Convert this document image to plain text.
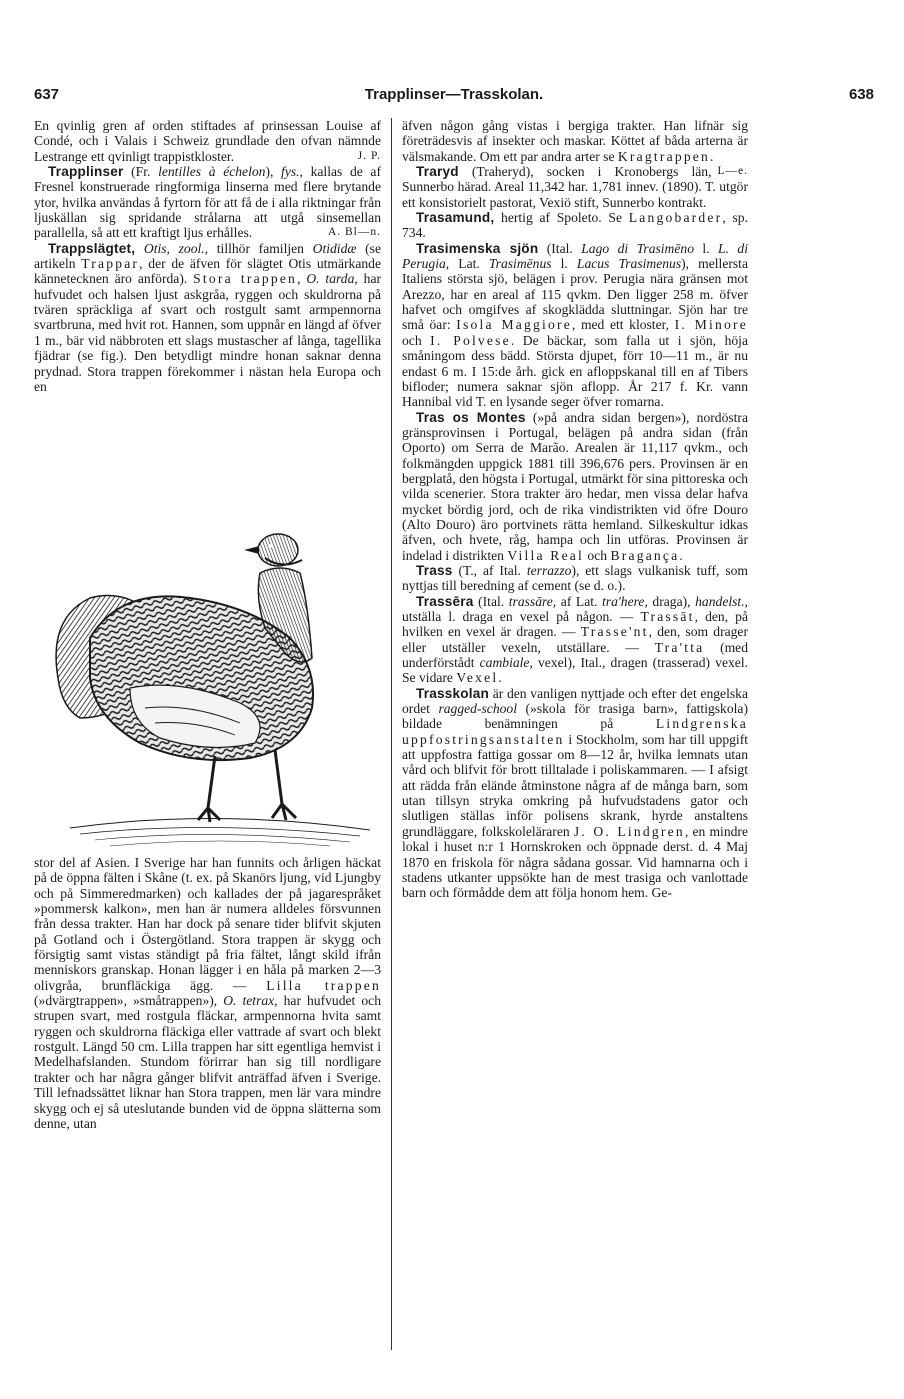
637	Trapplinser—Trasskolan.	638

En qvinlig gren af orden stiftades af prinsessan Louise af Condé, och i Valais i Schweiz grundlade den ofvan nämnde Lestrange ett qvinligt trappistkloster.	J. P.

Trapplinser (Fr. lentilles à échelon), fys., kallas de af Fresnel konstruerade ringformiga linserna med flere brytande ytor, hvilka användas å fyrtorn för att få de i alla riktningar från ljuskällan sig spridande strålarna att utgå sinsemellan parallella, så att ett kraftigt ljus erhålles.	A. Bl—n.

Trappslägtet, Otis, zool., tillhör familjen Otididæ (se artikeln Trappar, der de äfven för slägtet Otis utmärkande kännetecknen äro anförda). Stora trappen, O. tarda, har hufvudet och halsen ljust askgråa, ryggen och skuldrorna på tvären spräckliga af svart och rostgult samt armpennorna svartbruna, med hvit rot. Hannen, som uppnår en längd af öfver 1 m., bär vid näbbroten ett slags mustascher af långa, tagellika fjädrar (se fig.). Den betydligt mindre honan saknar denna prydnad. Stora trappen förekommer i nästan hela Europa och en

stor del af Asien. I Sverige har han funnits och årligen häckat på de öppna fälten i Skåne (t. ex. på Skanörs ljung, vid Ljungby och på Simmeredmarken) och kallades der på jagarespråket »pommersk kalkon», men han är numera alldeles försvunnen från dessa trakter. Han har dock på senare tider blifvit skjuten på Gotland och i Östergötland. Stora trappen är skygg och försigtig samt vistas ständigt på fria fältet, långt skild ifrån menniskors granskap. Honan lägger i en håla på marken 2—3 olivgråa, brunfläckiga ägg. — Lilla trappen (»dvärgtrappen», »småtrappen»), O. tetrax, har hufvudet och strupen svart, med rostgula fläckar, armpennorna hvita samt ryggen och skuldrorna fläckiga eller vattrade af svart och blekt rostgult. Längd 50 cm. Lilla trappen har sitt egentliga hemvist i Medelhafslanden. Stundom förirrar han sig till nordligare trakter och har några gånger blifvit anträffad äfven i Sverige. Till lefnadssättet liknar han Stora trappen, men lär vara mindre skygg och ej så uteslutande bunden vid de öppna slätterna som denne, utan

äfven någon gång vistas i bergiga trakter. Han lifnär sig företrädesvis af insekter och maskar. Köttet af båda arterna är välsmakande. Om ett par andra arter se Kragtrappen.
L—e.

Traryd (Traheryd), socken i Kronobergs län, Sunnerbo härad. Areal 11,342 har. 1,781 innev. (1890). T. utgör ett konsistorielt pastorat, Vexiö stift, Sunnerbo kontrakt.

Trasamund, hertig af Spoleto. Se Langobarder, sp. 734.

Trasimenska sjön (Ital. Lago di Trasimēno l. L. di Perugia, Lat. Trasimēnus l. Lacus Trasimenus), mellersta Italiens största sjö, belägen i prov. Perugia nära gränsen mot Arezzo, har en areal af 115 qvkm. Den ligger 258 m. öfver hafvet och omgifves af skogklädda sluttningar. Sjön har tre små öar: Isola Maggiore, med ett kloster, I. Minore och I. Polvese. De bäckar, som falla ut i sjön, höja småningom dess bädd. Största djupet, förr 10—11 m., är nu endast 6 m. I 15:de årh. gick en afloppskanal till en af Tibers bifloder; numera saknar sjön aflopp. År 217 f. Kr. vann Hannibal vid T. en lysande seger öfver romarna.

Tras os Montes (»på andra sidan bergen»), nordöstra gränsprovinsen i Portugal, belägen på andra sidan (från Oporto) om Serra de Marão. Arealen är 11,117 qvkm., och folkmängden uppgick 1881 till 396,676 pers. Provinsen är en bergplatå, den högsta i Portugal, utmärkt för sina pittoreska och vilda scenerier. Stora trakter äro hedar, men vissa delar hafva mycket bördig jord, och de rika vindistrikten vid öfre Douro (Alto Douro) äro portvinets rätta hemland. Silkeskultur idkas äfven, och hvete, råg, hampa och lin utföras. Provinsen är indelad i distrikten Villa Real och Bragança.

Trass (T., af Ital. terrazzo), ett slags vulkanisk tuff, som nyttjas till beredning af cement (se d. o.).

Trassēra (Ital. trassāre, af Lat. tra'here, draga), handelst., utställa l. draga en vexel på någon. — Trassāt, den, på hvilken en vexel är dragen. — Trasse'nt, den, som drager eller utställer vexeln, utställare. — Tra'tta (med underförstådt cambiale, vexel), Ital., dragen (trasserad) vexel. Se vidare Vexel.

Trasskolan är den vanligen nyttjade och efter det engelska ordet ragged-school (»skola för trasiga barn», fattigskola) bildade benämningen på Lindgrenska uppfostringsanstalten i Stockholm, som har till uppgift att uppfostra fattiga gossar om 8—12 år, hvilka lemnats utan vård och blifvit för brott tilltalade i poliskammaren. — I afsigt att rädda från elände åtminstone några af de många barn, som utan tillsyn stryka omkring på hufvudstadens gator och slutligen ställas inför polisens skrank, hyrde anstaltens grundläggare, folkskoleläraren J. O. Lindgren, en mindre lokal i huset n:r 1 Hornskroken och öppnade derst. d. 4 Maj 1870 en friskola för några sådana gossar. Vid hamnarna och i stadens utkanter uppsökte han de mest trasiga och vanlottade barn och förmådde dem att följa honom hem. Ge-
